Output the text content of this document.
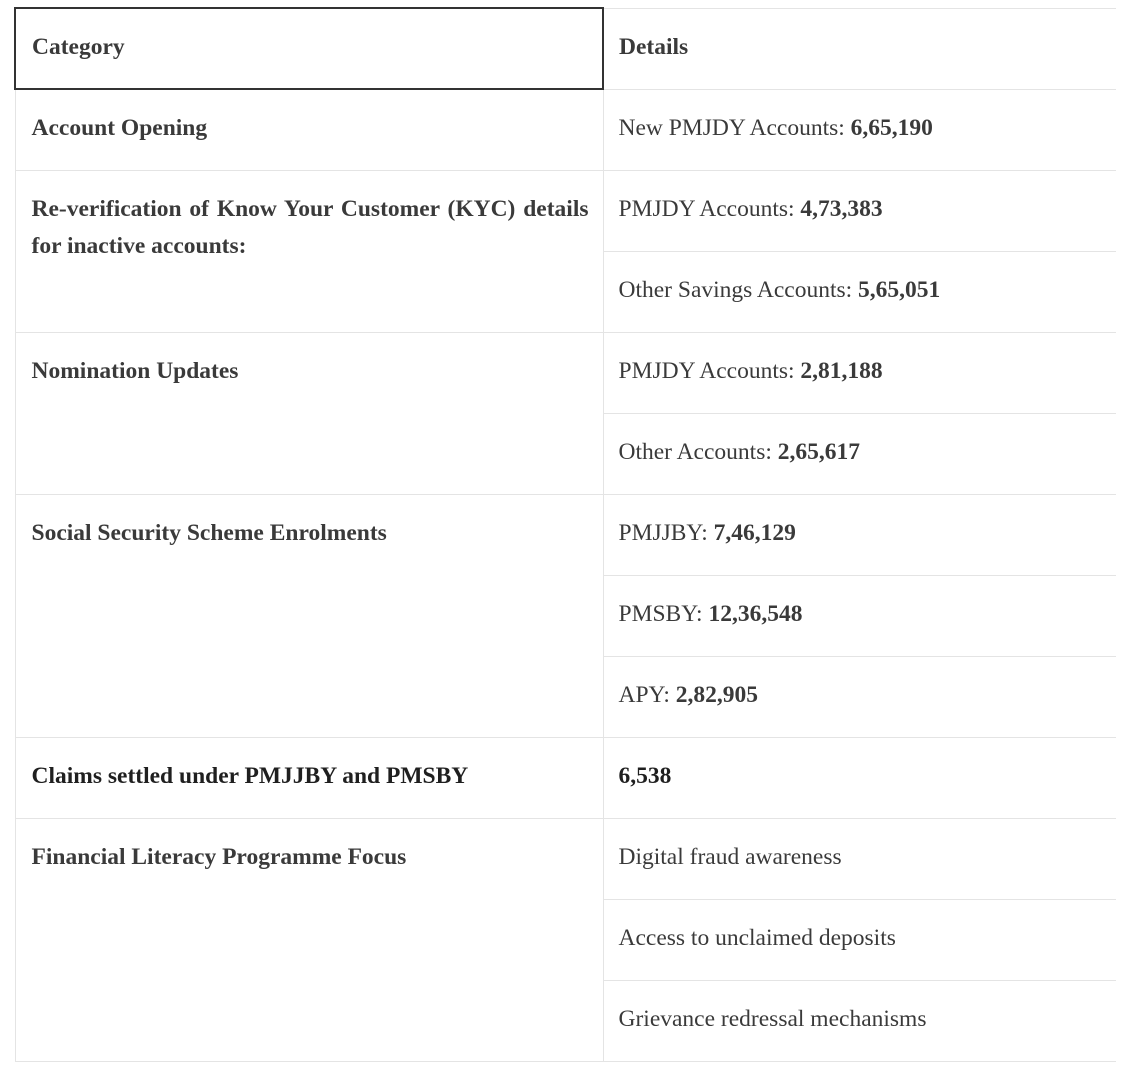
Category	Details
Account Opening	New PMJDY Accounts: 6,65,190
Re-verification of Know Your Customer (KYC) details for inactive accounts:	PMJDY Accounts: 4,73,383
	Other Savings Accounts: 5,65,051
Nomination Updates	PMJDY Accounts: 2,81,188
	Other Accounts: 2,65,617
Social Security Scheme Enrolments	PMJJBY: 7,46,129
	PMSBY: 12,36,548
	APY: 2,82,905
Claims settled under PMJJBY and PMSBY	6,538
Financial Literacy Programme Focus	Digital fraud awareness
	Access to unclaimed deposits
	Grievance redressal mechanisms
